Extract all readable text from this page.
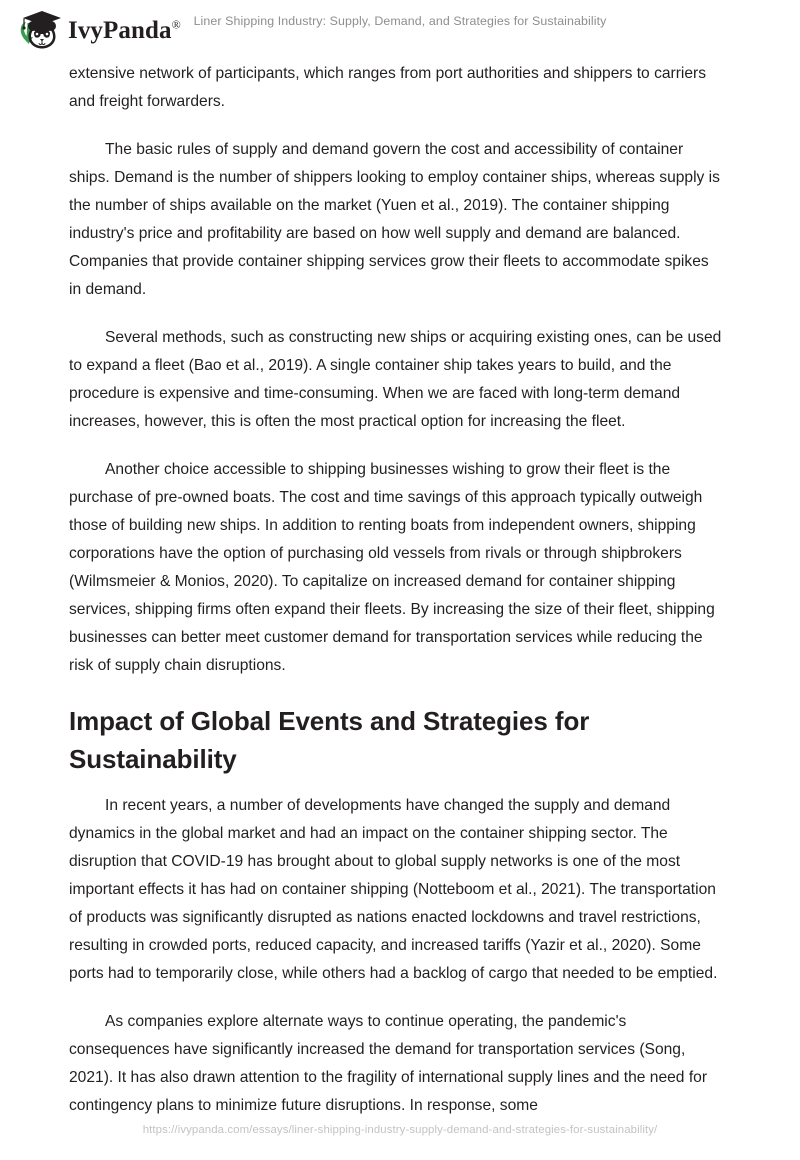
IvyPanda®	Liner Shipping Industry: Supply, Demand, and Strategies for Sustainability

extensive network of participants, which ranges from port authorities and shippers to carriers and freight forwarders.

The basic rules of supply and demand govern the cost and accessibility of container ships. Demand is the number of shippers looking to employ container ships, whereas supply is the number of ships available on the market (Yuen et al., 2019). The container shipping industry's price and profitability are based on how well supply and demand are balanced. Companies that provide container shipping services grow their fleets to accommodate spikes in demand.

Several methods, such as constructing new ships or acquiring existing ones, can be used to expand a fleet (Bao et al., 2019). A single container ship takes years to build, and the procedure is expensive and time-consuming. When we are faced with long-term demand increases, however, this is often the most practical option for increasing the fleet.

Another choice accessible to shipping businesses wishing to grow their fleet is the purchase of pre-owned boats. The cost and time savings of this approach typically outweigh those of building new ships. In addition to renting boats from independent owners, shipping corporations have the option of purchasing old vessels from rivals or through shipbrokers (Wilmsmeier & Monios, 2020). To capitalize on increased demand for container shipping services, shipping firms often expand their fleets. By increasing the size of their fleet, shipping businesses can better meet customer demand for transportation services while reducing the risk of supply chain disruptions.

Impact of Global Events and Strategies for Sustainability

In recent years, a number of developments have changed the supply and demand dynamics in the global market and had an impact on the container shipping sector. The disruption that COVID-19 has brought about to global supply networks is one of the most important effects it has had on container shipping (Notteboom et al., 2021). The transportation of products was significantly disrupted as nations enacted lockdowns and travel restrictions, resulting in crowded ports, reduced capacity, and increased tariffs (Yazir et al., 2020). Some ports had to temporarily close, while others had a backlog of cargo that needed to be emptied.

As companies explore alternate ways to continue operating, the pandemic's consequences have significantly increased the demand for transportation services (Song, 2021). It has also drawn attention to the fragility of international supply lines and the need for contingency plans to minimize future disruptions. In response, some

https://ivypanda.com/essays/liner-shipping-industry-supply-demand-and-strategies-for-sustainability/
